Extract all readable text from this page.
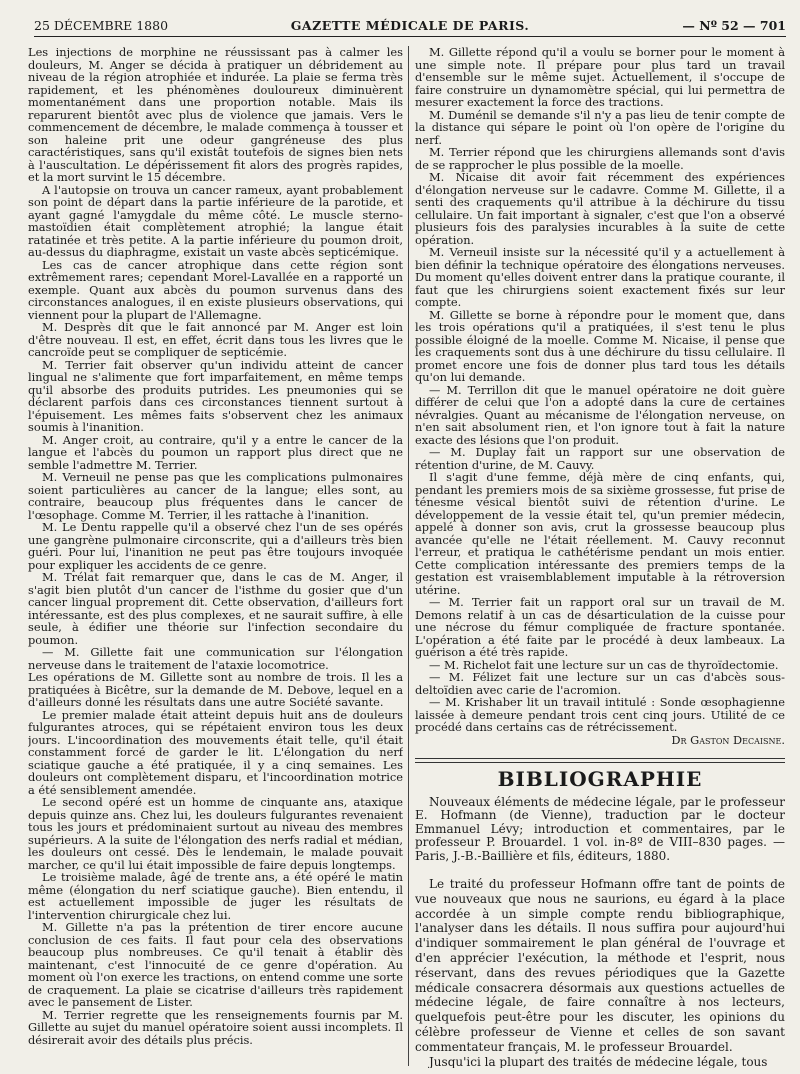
25 DÉCEMBRE 1880	GAZETTE MÉDICALE DE PARIS.	— Nº 52 — 701

Les injections de morphine ne réussissant pas à calmer les douleurs, M. Anger se décida à pratiquer un débridement au niveau de la région atrophiée et indurée. La plaie se ferma très rapidement, et les phénomènes douloureux diminuèrent momentanément dans une proportion notable. Mais ils reparurent bientôt avec plus de violence que jamais. Vers le commencement de décembre, le malade commença à tousser et son haleine prit une odeur gangréneuse des plus caractéristiques, sans qu'il existât toutefois de signes bien nets à l'auscultation. Le dépérissement fit alors des progrès rapides, et la mort survint le 15 décembre.

A l'autopsie on trouva un cancer rameux, ayant probablement son point de départ dans la partie inférieure de la parotide, et ayant gagné l'amygdale du même côté. Le muscle sterno-mastoïdien était complètement atrophié; la langue était ratatinée et très petite. A la partie inférieure du poumon droit, au-dessus du diaphragme, existait un vaste abcès septicémique.

Les cas de cancer atrophique dans cette région sont extrêmement rares; cependant Morel-Lavallée en a rapporté un exemple. Quant aux abcès du poumon survenus dans des circonstances analogues, il en existe plusieurs observations, qui viennent pour la plupart de l'Allemagne.

M. Desprès dit que le fait annoncé par M. Anger est loin d'être nouveau. Il est, en effet, écrit dans tous les livres que le cancroïde peut se compliquer de septicémie.

M. Terrier fait observer qu'un individu atteint de cancer lingual ne s'alimente que fort imparfaitement, en même temps qu'il absorbe des produits putrides. Les pneumonies qui se déclarent parfois dans ces circonstances tiennent surtout à l'épuisement. Les mêmes faits s'observent chez les animaux soumis à l'inanition.

M. Anger croit, au contraire, qu'il y a entre le cancer de la langue et l'abcès du poumon un rapport plus direct que ne semble l'admettre M. Terrier.

M. Verneuil ne pense pas que les complications pulmonaires soient particulières au cancer de la langue; elles sont, au contraire, beaucoup plus fréquentes dans le cancer de l'œsophage. Comme M. Terrier, il les rattache à l'inanition.

M. Le Dentu rappelle qu'il a observé chez l'un de ses opérés une gangrène pulmonaire circonscrite, qui a d'ailleurs très bien guéri. Pour lui, l'inanition ne peut pas être toujours invoquée pour expliquer les accidents de ce genre.

M. Trélat fait remarquer que, dans le cas de M. Anger, il s'agit bien plutôt d'un cancer de l'isthme du gosier que d'un cancer lingual proprement dit. Cette observation, d'ailleurs fort intéressante, est des plus complexes, et ne saurait suffire, à elle seule, à édifier une théorie sur l'infection secondaire du poumon.

— M. Gillette fait une communication sur l'élongation nerveuse dans le traitement de l'ataxie locomotrice.

Les opérations de M. Gillette sont au nombre de trois. Il les a pratiquées à Bicêtre, sur la demande de M. Debove, lequel en a d'ailleurs donné les résultats dans une autre Société savante.

Le premier malade était atteint depuis huit ans de douleurs fulgurantes atroces, qui se répétaient environ tous les deux jours. L'incoordination des mouvements était telle, qu'il était constamment forcé de garder le lit. L'élongation du nerf sciatique gauche a été pratiquée, il y a cinq semaines. Les douleurs ont complètement disparu, et l'incoordination motrice a été sensiblement amendée.

Le second opéré est un homme de cinquante ans, ataxique depuis quinze ans. Chez lui, les douleurs fulgurantes revenaient tous les jours et prédominaient surtout au niveau des membres supérieurs. A la suite de l'élongation des nerfs radial et médian, les douleurs ont cessé. Dès le lendemain, le malade pouvait marcher, ce qu'il lui était impossible de faire depuis longtemps.

Le troisième malade, âgé de trente ans, a été opéré le matin même (élongation du nerf sciatique gauche). Bien entendu, il est actuellement impossible de juger les résultats de l'intervention chirurgicale chez lui.

M. Gillette n'a pas la prétention de tirer encore aucune conclusion de ces faits. Il faut pour cela des observations beaucoup plus nombreuses. Ce qu'il tenait à établir dès maintenant, c'est l'innocuité de ce genre d'opération. Au moment où l'on exerce les tractions, on entend comme une sorte de craquement. La plaie se cicatrise d'ailleurs très rapidement avec le pansement de Lister.

M. Terrier regrette que les renseignements fournis par M. Gillette au sujet du manuel opératoire soient aussi incomplets. Il désirerait avoir des détails plus précis.

M. Gillette répond qu'il a voulu se borner pour le moment à une simple note. Il prépare pour plus tard un travail d'ensemble sur le même sujet. Actuellement, il s'occupe de faire construire un dynamomètre spécial, qui lui permettra de mesurer exactement la force des tractions.

M. Duménil se demande s'il n'y a pas lieu de tenir compte de la distance qui sépare le point où l'on opère de l'origine du nerf.

M. Terrier répond que les chirurgiens allemands sont d'avis de se rapprocher le plus possible de la moelle.

M. Nicaise dit avoir fait récemment des expériences d'élongation nerveuse sur le cadavre. Comme M. Gillette, il a senti des craquements qu'il attribue à la déchirure du tissu cellulaire. Un fait important à signaler, c'est que l'on a observé plusieurs fois des paralysies incurables à la suite de cette opération.

M. Verneuil insiste sur la nécessité qu'il y a actuellement à bien définir la technique opératoire des élongations nerveuses. Du moment qu'elles doivent entrer dans la pratique courante, il faut que les chirurgiens soient exactement fixés sur leur compte.

M. Gillette se borne à répondre pour le moment que, dans les trois opérations qu'il a pratiquées, il s'est tenu le plus possible éloigné de la moelle. Comme M. Nicaise, il pense que les craquements sont dus à une déchirure du tissu cellulaire. Il promet encore une fois de donner plus tard tous les détails qu'on lui demande.

— M. Terrillon dit que le manuel opératoire ne doit guère différer de celui que l'on a adopté dans la cure de certaines névralgies. Quant au mécanisme de l'élongation nerveuse, on n'en sait absolument rien, et l'on ignore tout à fait la nature exacte des lésions que l'on produit.

— M. Duplay fait un rapport sur une observation de rétention d'urine, de M. Cauvy.

Il s'agit d'une femme, déjà mère de cinq enfants, qui, pendant les premiers mois de sa sixième grossesse, fut prise de ténesme vésical bientôt suivi de rétention d'urine. Le développement de la vessie était tel, qu'un premier médecin, appelé à donner son avis, crut la grossesse beaucoup plus avancée qu'elle ne l'était réellement. M. Cauvy reconnut l'erreur, et pratiqua le cathétérisme pendant un mois entier. Cette complication intéressante des premiers temps de la gestation est vraisemblablement imputable à la rétroversion utérine.

— M. Terrier fait un rapport oral sur un travail de M. Demons relatif à un cas de désarticulation de la cuisse pour une nécrose du fémur compliquée de fracture spontanée. L'opération a été faite par le procédé à deux lambeaux. La guérison a été très rapide.

— M. Richelot fait une lecture sur un cas de thyroïdectomie.

— M. Félizet fait une lecture sur un cas d'abcès sous-deltoïdien avec carie de l'acromion.

— M. Krishaber lit un travail intitulé : Sonde œsophagienne laissée à demeure pendant trois cent cinq jours. Utilité de ce procédé dans certains cas de rétrécissement.

Dr Gaston Decaisne.

BIBLIOGRAPHIE

Nouveaux éléments de médecine légale, par le professeur E. Hofmann (de Vienne), traduction par le docteur Emmanuel Lévy; introduction et commentaires, par le professeur P. Brouardel. 1 vol. in-8º de VIII–830 pages. — Paris, J.-B.-Baillière et fils, éditeurs, 1880.

Le traité du professeur Hofmann offre tant de points de vue nouveaux que nous ne saurions, eu égard à la place accordée à un simple compte rendu bibliographique, l'analyser dans les détails. Il nous suffira pour aujourd'hui d'indiquer sommairement le plan général de l'ouvrage et d'en apprécier l'exécution, la méthode et l'esprit, nous réservant, dans des revues périodiques que la Gazette médicale consacrera désormais aux questions actuelles de médecine légale, de faire connaître à nos lecteurs, quelquefois peut-être pour les discuter, les opinions du célèbre professeur de Vienne et celles de son savant commentateur français, M. le professeur Brouardel.

Jusqu'ici la plupart des traités de médecine légale, tous
